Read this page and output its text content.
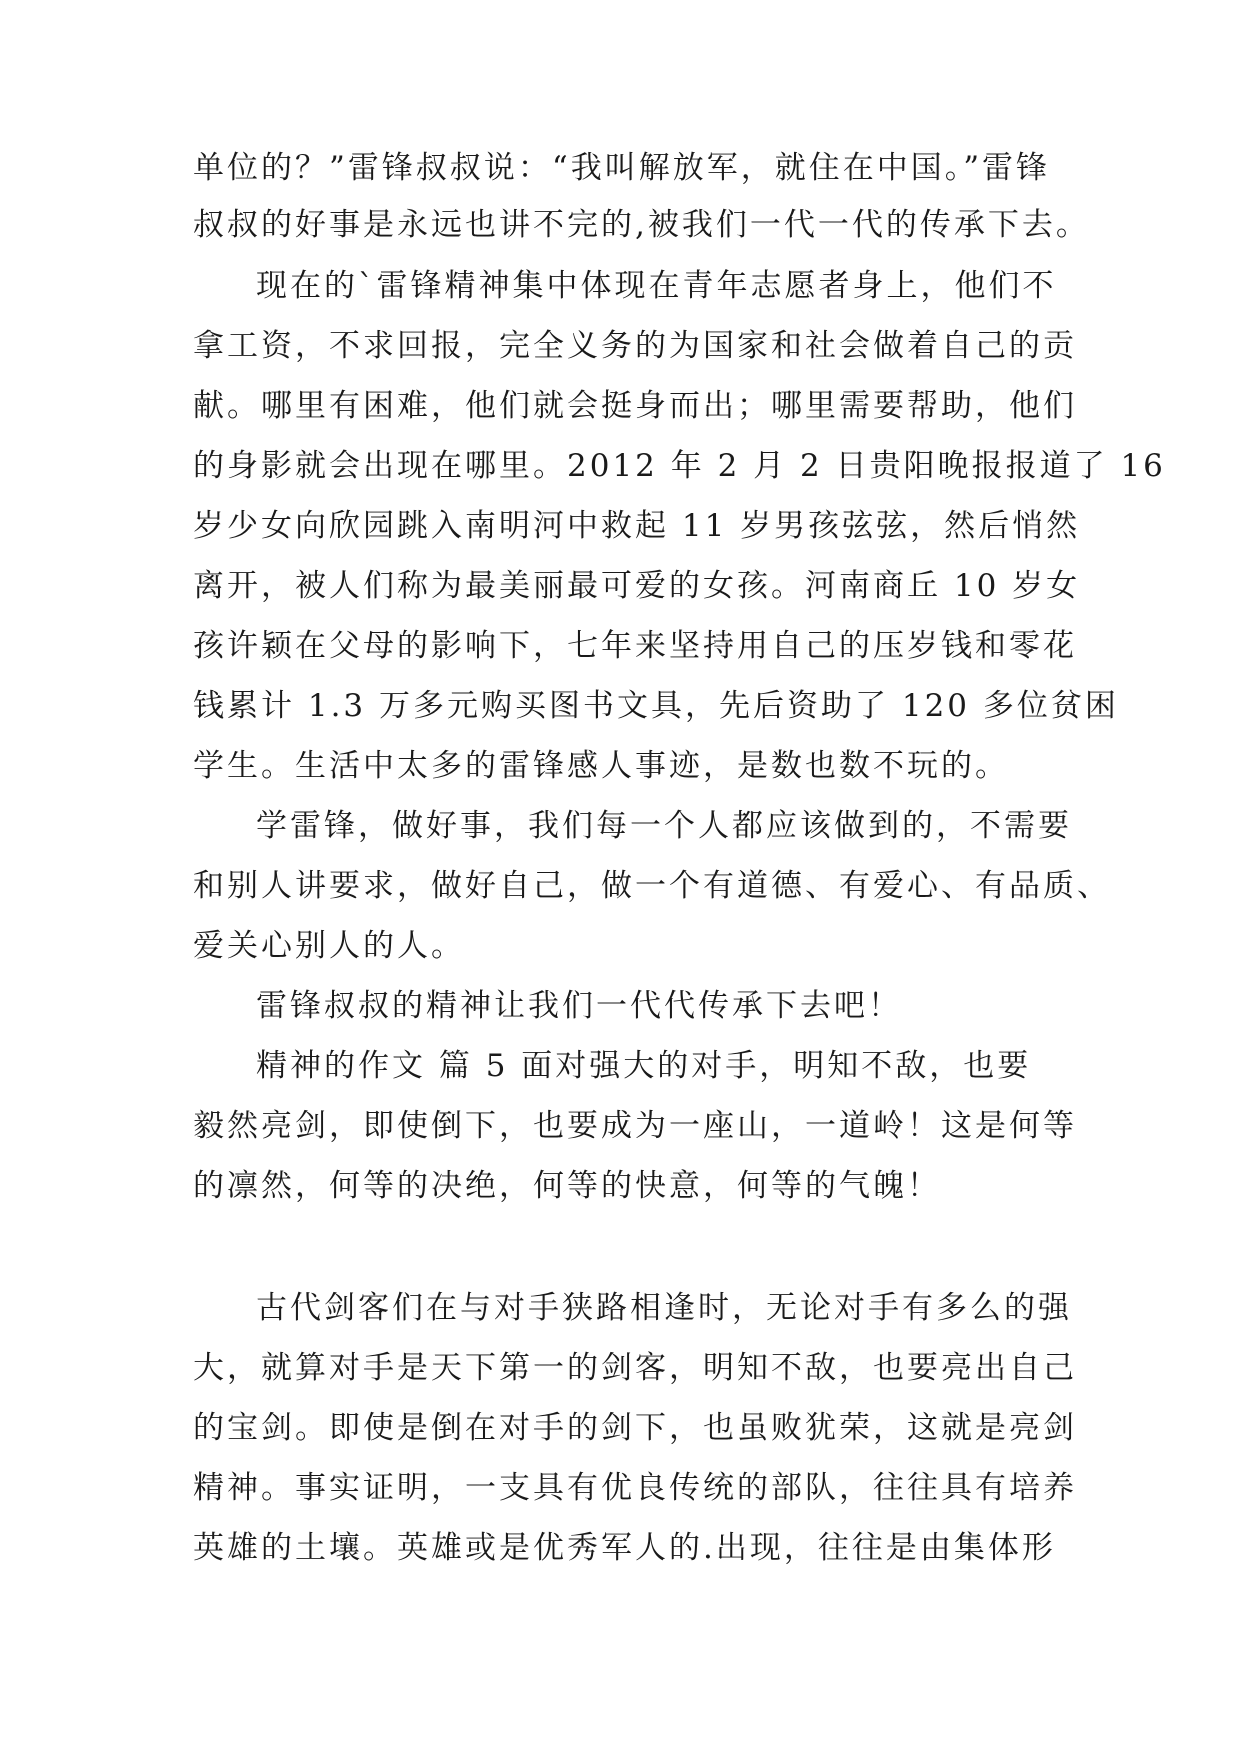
单位的？”雷锋叔叔说：“我叫解放军，就住在中国。”雷锋
叔叔的好事是永远也讲不完的,被我们一代一代的传承下去。
现在的`雷锋精神集中体现在青年志愿者身上，他们不
拿工资，不求回报，完全义务的为国家和社会做着自己的贡
献。哪里有困难，他们就会挺身而出；哪里需要帮助，他们
的身影就会出现在哪里。2012 年 2 月 2 日贵阳晚报报道了 16
岁少女向欣园跳入南明河中救起 11 岁男孩弦弦，然后悄然
离开，被人们称为最美丽最可爱的女孩。河南商丘 10 岁女
孩许颖在父母的影响下，七年来坚持用自己的压岁钱和零花
钱累计 1.3 万多元购买图书文具，先后资助了 120 多位贫困
学生。生活中太多的雷锋感人事迹，是数也数不玩的。
学雷锋，做好事，我们每一个人都应该做到的，不需要
和别人讲要求，做好自己，做一个有道德、有爱心、有品质、
爱关心别人的人。
雷锋叔叔的精神让我们一代代传承下去吧！
精神的作文 篇 5 面对强大的对手，明知不敌，也要
毅然亮剑，即使倒下，也要成为一座山，一道岭！这是何等
的凛然，何等的决绝，何等的快意，何等的气魄！
古代剑客们在与对手狭路相逢时，无论对手有多么的强
大，就算对手是天下第一的剑客，明知不敌，也要亮出自己
的宝剑。即使是倒在对手的剑下，也虽败犹荣，这就是亮剑
精神。事实证明，一支具有优良传统的部队，往往具有培养
英雄的土壤。英雄或是优秀军人的.出现，往往是由集体形
